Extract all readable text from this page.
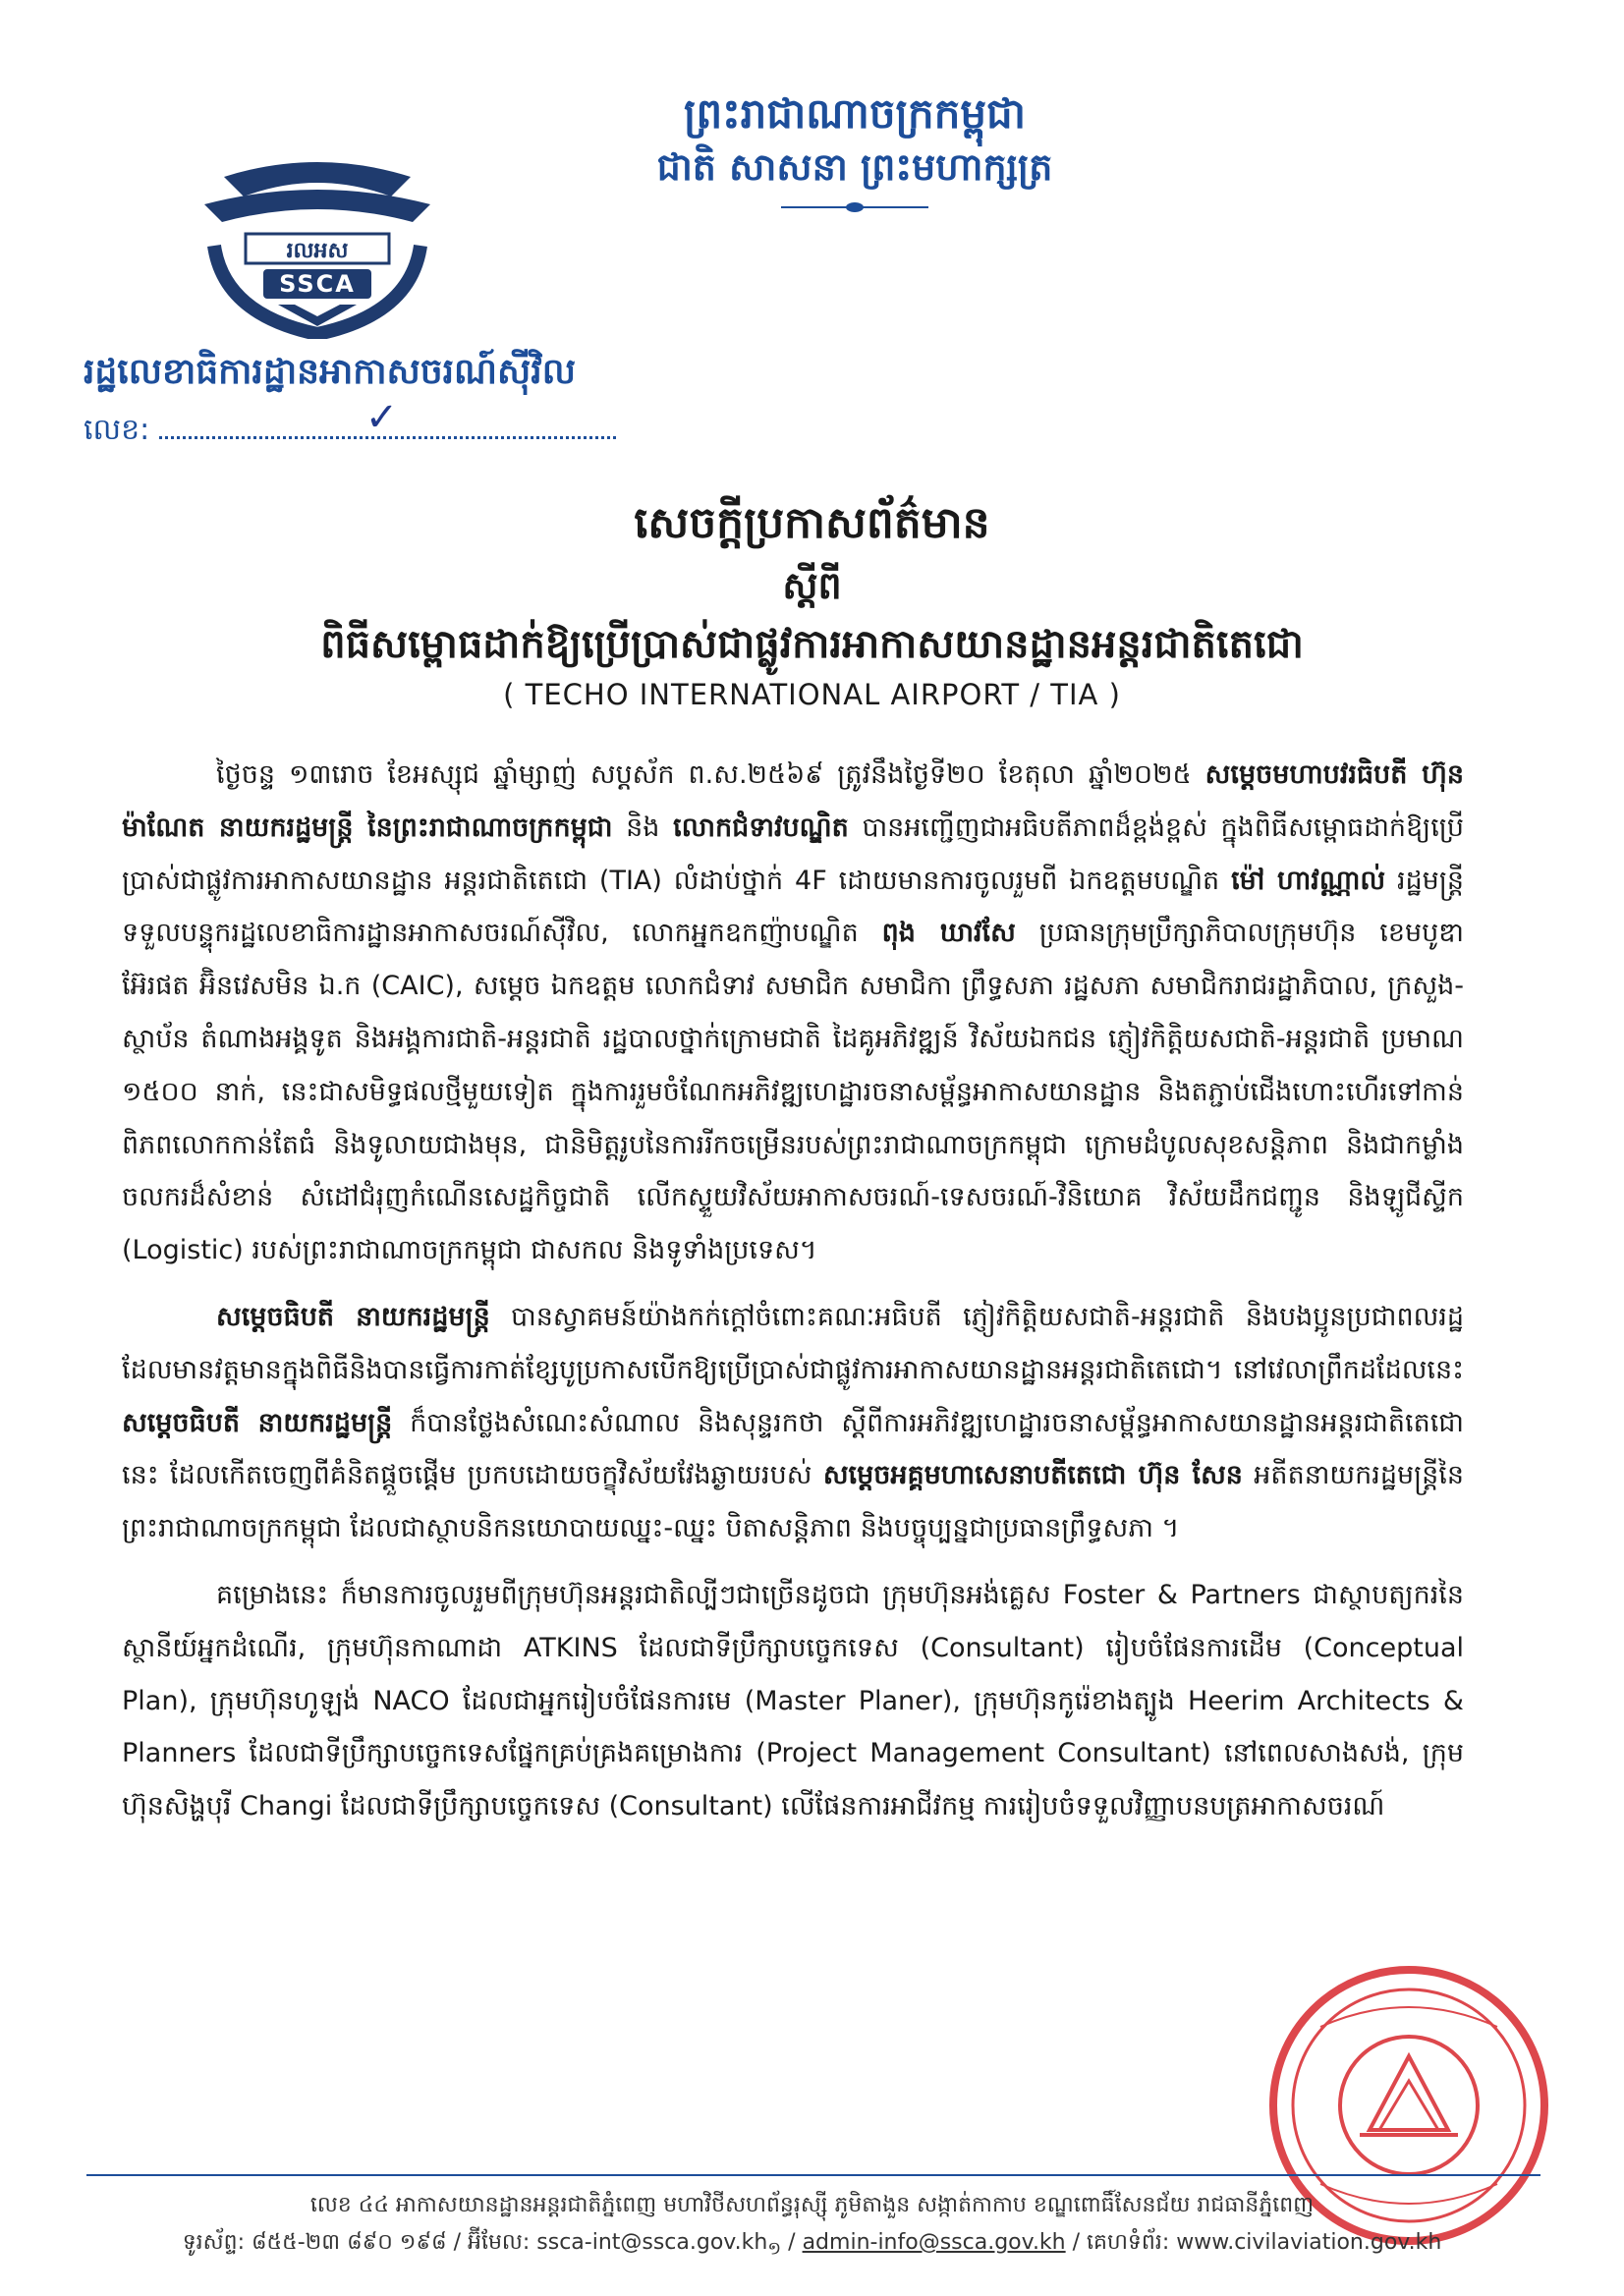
ព្រះរាជាណាចក្រកម្ពុជា
ជាតិ សាសនា ព្រះមហាក្សត្រ
រលអស
SSCA
រដ្ឋលេខាធិការដ្ឋានអាកាសចរណ៍ស៊ីវិល
លេខ:	✓
សេចក្តីប្រកាសព័ត៌មាន
ស្តីពី
ពិធីសម្ពោធដាក់ឱ្យប្រើប្រាស់ជាផ្លូវការអាកាសយានដ្ឋានអន្តរជាតិតេជោ
( TECHO INTERNATIONAL AIRPORT / TIA )

ថ្ងៃចន្ទ ១៣រោច ខែអស្សុជ ឆ្នាំម្សាញ់ សប្តស័ក ព.ស.២៥៦៩ ត្រូវនឹងថ្ងៃទី២០ ខែតុលា ឆ្នាំ២០២៥ សម្តេចមហាបវរធិបតី ហ៊ុន ម៉ាណែត នាយករដ្ឋមន្ត្រី នៃព្រះរាជាណាចក្រកម្ពុជា និង លោកជំទាវបណ្ឌិត បានអញ្ជើញជាអធិបតីភាពដ៏ខ្ពង់ខ្ពស់ ក្នុងពិធីសម្ពោធដាក់ឱ្យប្រើប្រាស់ជាផ្លូវការអាកាសយានដ្ឋាន អន្តរជាតិតេជោ (TIA) លំដាប់ថ្នាក់ 4F ដោយមានការចូលរួមពី ឯកឧត្តមបណ្ឌិត ម៉ៅ ហាវណ្ណាល់ រដ្ឋមន្ត្រីទទួលបន្ទុករដ្ឋលេខាធិការដ្ឋានអាកាសចរណ៍ស៊ីវិល, លោកអ្នកឧកញ៉ាបណ្ឌិត ពុង ឃាវសែ ប្រធានក្រុមប្រឹក្សាភិបាលក្រុមហ៊ុន ខេមបូឌា អ៊ែរផត អ៊ិនវេសមិន ឯ.ក (CAIC), សម្តេច ឯកឧត្តម លោកជំទាវ សមាជិក សមាជិកា ព្រឹទ្ធសភា រដ្ឋសភា សមាជិករាជរដ្ឋាភិបាល, ក្រសួង-ស្ថាប័ន តំណាងអង្គទូត និងអង្គការជាតិ-អន្តរជាតិ រដ្ឋបាលថ្នាក់ក្រោមជាតិ ដៃគូអភិវឌ្ឍន៍ វិស័យឯកជន ភ្ញៀវកិត្តិយសជាតិ-អន្តរជាតិ ប្រមាណ ១៥០០ នាក់, នេះជាសមិទ្ធផលថ្មីមួយទៀត ក្នុងការរួមចំណែកអភិវឌ្ឍហេដ្ឋារចនាសម្ព័ន្ធអាកាសយានដ្ឋាន និងតភ្ជាប់ជើងហោះហើរទៅកាន់ពិភពលោកកាន់តែធំ និងទូលាយជាងមុន, ជានិមិត្តរូបនៃការរីកចម្រើនរបស់ព្រះរាជាណាចក្រកម្ពុជា ក្រោមដំបូលសុខសន្តិភាព និងជាកម្លាំងចលករដ៏សំខាន់ សំដៅជំរុញកំណើនសេដ្ឋកិច្ចជាតិ លើកស្ទួយវិស័យអាកាសចរណ៍-ទេសចរណ៍-វិនិយោគ វិស័យដឹកជញ្ជូន និងឡូជីស្ទីក (Logistic) របស់ព្រះរាជាណាចក្រកម្ពុជា ជាសកល និងទូទាំងប្រទេស។

សម្តេចធិបតី នាយករដ្ឋមន្ត្រី បានស្វាគមន៍យ៉ាងកក់ក្តៅចំពោះគណៈអធិបតី ភ្ញៀវកិត្តិយសជាតិ-អន្តរជាតិ និងបងប្អូនប្រជាពលរដ្ឋ ដែលមានវត្តមានក្នុងពិធីនិងបានធ្វើការកាត់ខ្សែបូប្រកាសបើកឱ្យប្រើប្រាស់ជាផ្លូវការអាកាសយានដ្ឋានអន្តរជាតិតេជោ។ នៅវេលាព្រឹកដដែលនេះ សម្តេចធិបតី នាយករដ្ឋមន្ត្រី ក៏បានថ្លែងសំណេះសំណាល និងសុន្ទរកថា ស្តីពីការអភិវឌ្ឍហេដ្ឋារចនាសម្ព័ន្ធអាកាសយានដ្ឋានអន្តរជាតិតេជោនេះ ដែលកើតចេញពីគំនិតផ្តួចផ្តើម ប្រកបដោយចក្ខុវិស័យវែងឆ្ងាយរបស់ សម្តេចអគ្គមហាសេនាបតីតេជោ ហ៊ុន សែន អតីតនាយករដ្ឋមន្ត្រីនៃព្រះរាជាណាចក្រកម្ពុជា ដែលជាស្ថាបនិកនយោបាយឈ្នះ-ឈ្នះ បិតាសន្តិភាព និងបច្ចុប្បន្នជាប្រធានព្រឹទ្ធសភា ។

គម្រោងនេះ ក៏មានការចូលរួមពីក្រុមហ៊ុនអន្តរជាតិល្បីៗជាច្រើនដូចជា ក្រុមហ៊ុនអង់គ្លេស Foster & Partners ជាស្ថាបត្យករនៃស្ថានីយ៍អ្នកដំណើរ, ក្រុមហ៊ុនកាណាដា ATKINS ដែលជាទីប្រឹក្សាបច្ចេកទេស (Consultant) រៀបចំផែនការដើម (Conceptual Plan), ក្រុមហ៊ុនហូឡង់ NACO ដែលជាអ្នករៀបចំផែនការមេ (Master Planer), ក្រុមហ៊ុនកូរ៉េខាងត្បូង Heerim Architects & Planners ដែលជាទីប្រឹក្សាបច្ចេកទេសផ្នែកគ្រប់គ្រងគម្រោងការ (Project Management Consultant) នៅពេលសាងសង់, ក្រុមហ៊ុនសិង្ហបុរី Changi ដែលជាទីប្រឹក្សាបច្ចេកទេស (Consultant) លើផែនការអាជីវកម្ម ការរៀបចំទទួលវិញ្ញាបនបត្រអាកាសចរណ៍

លេខ ៤៤ អាកាសយានដ្ឋានអន្តរជាតិភ្នំពេញ មហាវិថីសហព័ន្ធរុស្ស៊ី ភូមិតាងួន សង្កាត់កាកាប ខណ្ឌពោធិ៍សែនជ័យ រាជធានីភ្នំពេញ
ទូរស័ព្ទ: ៨៥៥-២៣ ៨៩០ ១៩៨ / អ៊ីមែល: ssca-$int@ssca.gov.kh_១$ / admin-info@ssca.gov.kh / គេហទំព័រ: www.civilaviation.gov.kh
